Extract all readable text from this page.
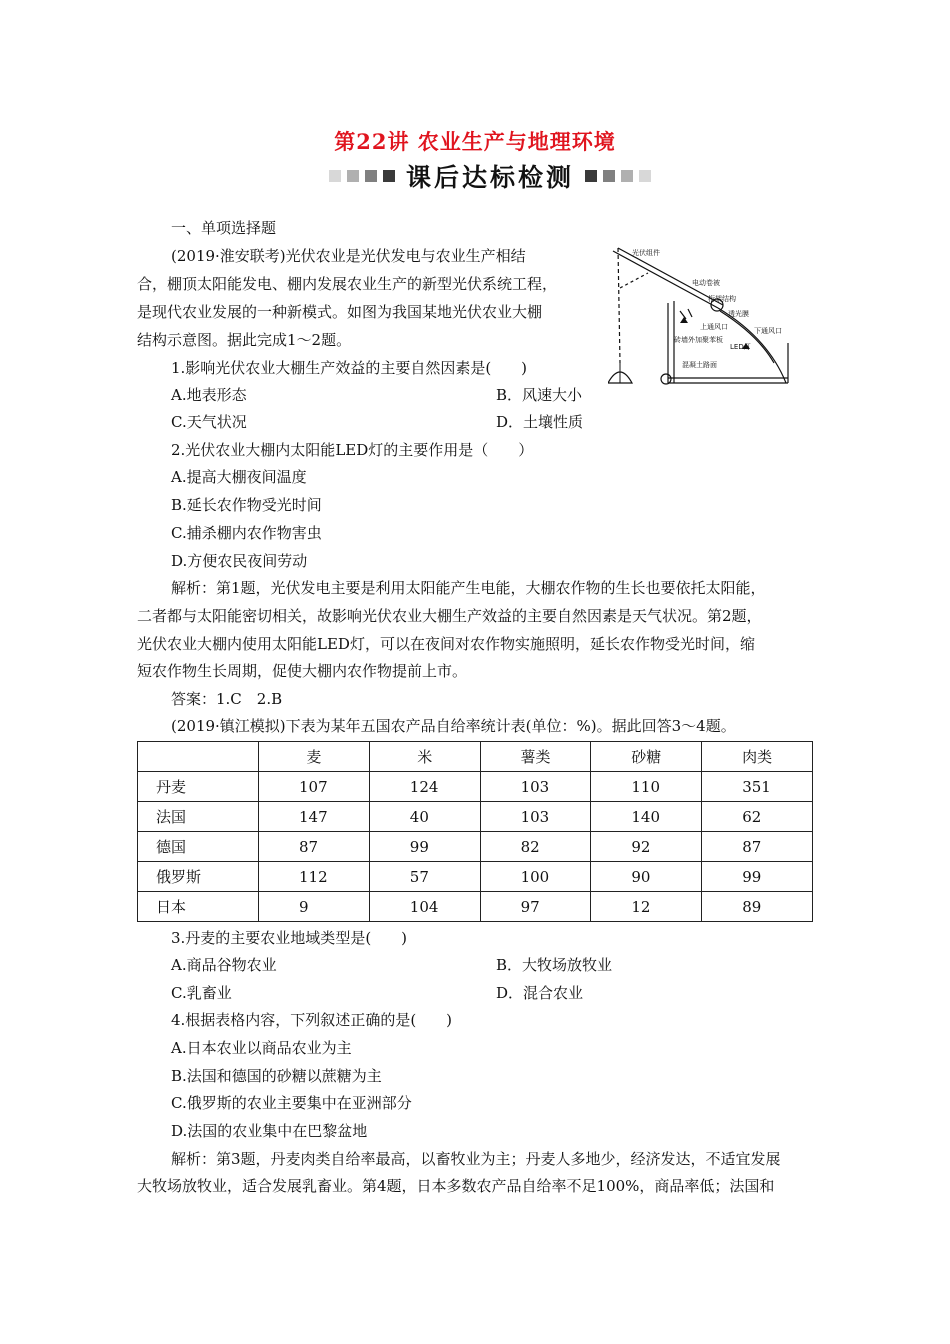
第22讲 农业生产与地理环境
课后达标检测
一、单项选择题
(2019·淮安联考)光伏农业是光伏发电与农业生产相结
合，棚顶太阳能发电、棚内发展农业生产的新型光伏系统工程，
是现代农业发展的一种新模式。如图为我国某地光伏农业大棚
结构示意图。据此完成1～2题。
光伏组件
电动卷被
桁架结构
透光膜
上通风口	下通风口
砖墙外加聚苯板
LED灯
混凝土路面
1.影响光伏农业大棚生产效益的主要自然因素是(　　)
A.地表形态	B．风速大小
C.天气状况	D．土壤性质
2.光伏农业大棚内太阳能LED灯的主要作用是（　　）
A.提高大棚夜间温度
B.延长农作物受光时间
C.捕杀棚内农作物害虫
D.方便农民夜间劳动
解析：第1题，光伏发电主要是利用太阳能产生电能，大棚农作物的生长也要依托太阳能，
二者都与太阳能密切相关，故影响光伏农业大棚生产效益的主要自然因素是天气状况。第2题，
光伏农业大棚内使用太阳能LED灯，可以在夜间对农作物实施照明，延长农作物受光时间，缩
短农作物生长周期，促使大棚内农作物提前上市。
答案：1.C　2.B
(2019·镇江模拟)下表为某年五国农产品自给率统计表(单位：%)。据此回答3～4题。
	麦	米	薯类	砂糖	肉类
丹麦	107	124	103	110	351
法国	147	40	103	140	62
德国	87	99	82	92	87
俄罗斯	112	57	100	90	99
日本	9	104	97	12	89
3.丹麦的主要农业地域类型是(　　)
A.商品谷物农业	B．大牧场放牧业
C.乳畜业	D．混合农业
4.根据表格内容，下列叙述正确的是(　　)
A.日本农业以商品农业为主
B.法国和德国的砂糖以蔗糖为主
C.俄罗斯的农业主要集中在亚洲部分
D.法国的农业集中在巴黎盆地
解析：第3题，丹麦肉类自给率最高，以畜牧业为主；丹麦人多地少，经济发达，不适宜发展
大牧场放牧业，适合发展乳畜业。第4题，日本多数农产品自给率不足100%，商品率低；法国和
